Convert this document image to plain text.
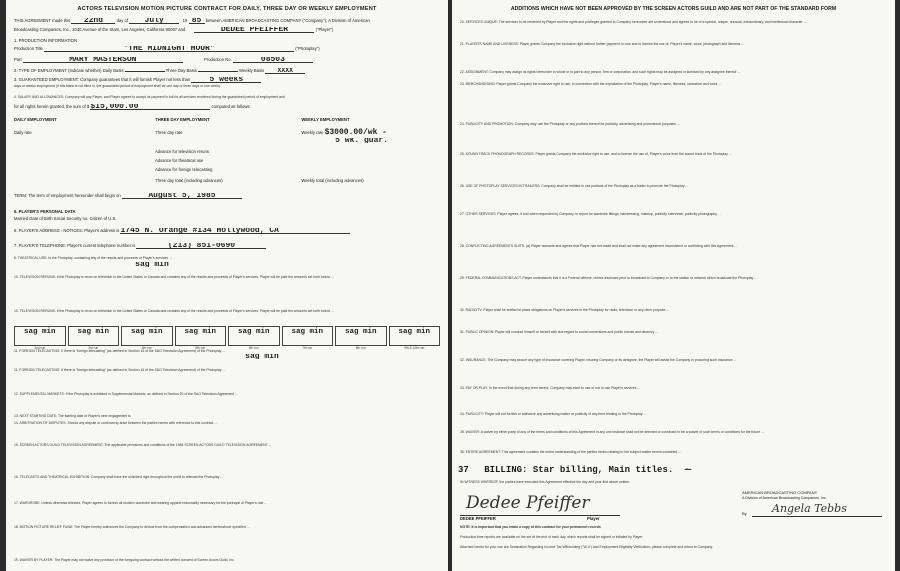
ACTORS TELEVISION MOTION PICTURE CONTRACT FOR DAILY, THREE DAY OR WEEKLY EMPLOYMENT
THIS AGREEMENT made this 22nd	day of July	, 19 85 between AMERICAN BROADCASTING COMPANY ("Company"), A Division of American
Broadcasting Companies, Inc., 2040 Avenue of the Stars, Los Angeles, California 90067 and	DEDEE PFEIFFER	("Player")
1. PRODUCTION INFORMATION
Production Title	"THE MIDNIGHT HOUR"	("Photoplay")
Part	MARY MASTERSON	Production No.	08503
2. TYPE OF EMPLOYMENT (Indicate whether) Daily Basis	Three Day Basis	Weekly Basis XXXX
3. GUARANTEED EMPLOYMENT: Company guarantees that it will furnish Player not less than 5 weeks
days or weeks employment (if this blank is not filled in, the guaranteed period of employment shall be one day or three days or one week).
4. SALARY AND ALLOWANCES: Company will pay Player, and Player agrees to accept as payment in full for all services rendered during the guaranteed period of employment and
for all rights herein granted, the sum of $ $15,000.00	computed as follows:
DAILY EMPLOYMENT	THREE DAY EMPLOYMENT	WEEKLY EMPLOYMENT
Daily rate	Three day rate	Weekly rate $3000.00/wk -
5 wk. guar.
Advance for television reruns
Advance for theatrical use
Advance for foreign telecasting
Three day total (including advances)	Weekly total (including advances)
TERM: The term of employment hereunder shall begin on	August 5, 1985
5. PLAYER'S PERSONAL DATA
Married Date of Birth Social Security no. Citizen of U.S.
6. PLAYER'S ADDRESS - NOTICES: Player's address is 1745 N. Orange #134 Hollywood, CA
7. PLAYER'S TELEPHONE: Player's current telephone number is	(213) 851-0690
8. THEATRICAL USE: In the Photoplay, containing any of the results and proceeds of Player's services ...
sag min
10. TELEVISION RERUNS: If the Photoplay is rerun on television in the United States or Canada and contains any of the results and proceeds of Player's services, Player will be paid the amounts set forth below ...
10. TELEVISION RERUNS: If the Photoplay is rerun on television in the United States or Canada and contains any of the results and proceeds of Player's services, Player will be paid the amounts set forth below ...
sag min
2nd run
sag min
3rd run
sag min
4th run
sag min
5th run
sag min
6th run
sag min
7th run
sag min
8th run
sag min
9th & 10th run
11. FOREIGN TELECASTING: If there is "foreign telecasting" (as defined in Section 16 of the SAG Television Agreement) of the Photoplay ...
sag min
11. FOREIGN TELECASTING: If there is "foreign telecasting" (as defined in Section 16 of the SAG Television Agreement) of the Photoplay ...
12. SUPPLEMENTAL MARKETS: If the Photoplay is exhibited in Supplemental Markets, as defined in Section 20 of the SAG Television Agreement ...
13. NEXT STARTING DATE: The starting date of Player's next engagement is
14. ARBITRATION OF DISPUTES: Should any dispute or controversy arise between the parties hereto with reference to this contract ...
15. SCREEN ACTORS GUILD TELEVISION AGREEMENT: The applicable provisions and conditions of the 1984 SCREEN ACTORS GUILD TELEVISION AGREEMENT ...
16. TELECASTS AND THEATRICAL EXHIBITION: Company shall have the unlimited right throughout the world to telecast the Photoplay ...
17. WARDROBE: Unless otherwise directed, Player agrees to furnish all modern wardrobe and wearing apparel reasonably necessary for the portrayal of Player's role ...
18. MOTION PICTURE RELIEF FUND: The Player hereby authorizes the Company to deduct from the compensation and advances hereinabove specified ...
19. WAIVER BY PLAYER: The Player may not waive any provision of the foregoing contract without the written consent of Screen Actors Guild, Inc.
ADDITIONS WHICH HAVE NOT BEEN APPROVED BY THE SCREEN ACTORS GUILD AND ARE NOT PART OF THE STANDARD FORM
20. SERVICES UNIQUE: The services to be rendered by Player and the rights and privileges granted to Company hereunder are understood and agreed to be of a special, unique, unusual, extraordinary, and intellectual character ...
21. PLAYER'S NAME AND LIKENESS: Player grants Company the exclusive right without further payment, to use and to license the use of, Player's name, voice, photograph and likeness ...
22. ASSIGNMENT: Company may assign its rights hereunder in whole or in part to any person, firm or corporation, and such rights may be assigned or licensed by any assignee thereof ...
23. MERCHANDISING: Player grants Company the exclusive right to use, in connection with the exploitation of the Photoplay, Player's name, likeness, caricature and voice ...
24. PUBLICITY AND PROMOTION: Company may use the Photoplay or any portions thereof for publicity, advertising and promotional purposes ...
25. SOUND TRACK PHONOGRAPH RECORDS: Player grants Company the exclusive right to use, and to license the use of, Player's voice from the sound track of the Photoplay ...
26. USE OF PHOTOPLAY SERVICES IN TRAILERS: Company shall be entitled to use portions of the Photoplay as a trailer to promote the Photoplay ...
27. OTHER SERVICES: Player agrees, if and when requested by Company, to report for wardrobe fittings, hairdressing, makeup, publicity interviews, publicity photography ...
28. CONFLICTING AGREEMENTS SUITS: (a) Player warrants and agrees that Player has not made and shall not make any agreement inconsistent or conflicting with this Agreement ...
29. FEDERAL COMMUNICATIONS ACT: Player understands that it is a Federal offense, unless disclosed prior to broadcast to Company or to the station or network which broadcast the Photoplay ...
30. RADIO/TV: Player shall be entitled to place obligations on Player's services in the Photoplay for radio, television or any other purpose ...
31. PUBLIC OPINION: Player will conduct himself or herself with due regard to social conventions and public morals and decency ...
32. INSURANCE: The Company may secure any type of insurance covering Player, insuring Company or its designee, the Player will assist the Company in procuring such insurance ...
33. PAY OR PLAY: In the event that during any term hereof, Company may elect to use or not to use Player's services ...
34. PUBLICITY: Player will not furnish or authorize any advertising matter or publicity of any form relating to the Photoplay ...
35. WAIVER: A waiver by either party of any of the terms and conditions of this Agreement in any one instance shall not be deemed or construed to be a waiver of such terms or conditions for the future ...
36. ENTIRE AGREEMENT: This agreement contains the entire understanding of the parties hereto relating to the subject matter herein contained ...
37 BILLING: Star billing, Main titles. ~
IN WITNESS WHEREOF, the parties have executed this Agreement effective the day and year first above written.
AMERICAN BROADCASTING COMPANY
A Division of American Broadcasting Companies, Inc.
Dedee Pfeiffer
DEDEE PFEIFFER	Player
By	Angela Tebbs
NOTE: It is important that you retain a copy of this contract for your permanent records
Production time reports are available on the set at the end of each day, which reports shall be signed or initialed by Player.
Attached hereto for your use are Declaration Regarding Income Tax Withholding ("W-4") and Employment Eligibility Verification; please complete and return to Company.
